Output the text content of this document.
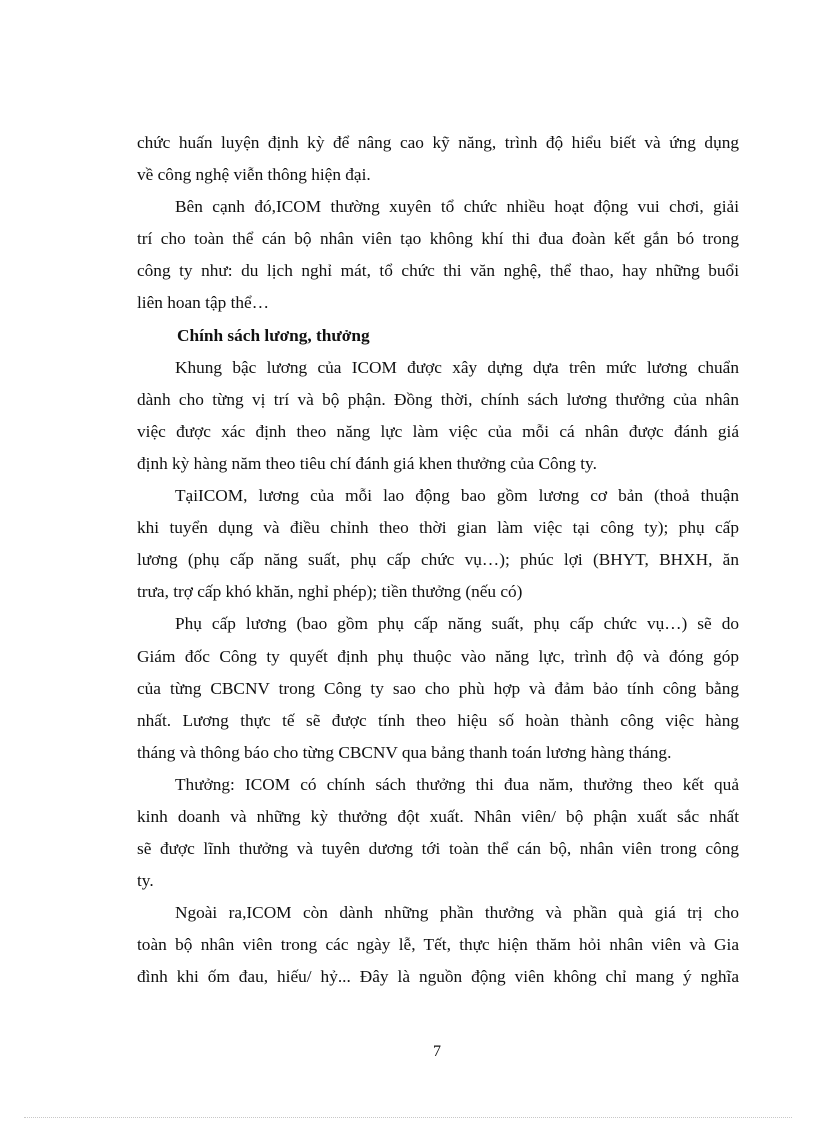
chức huấn luyện định kỳ để nâng cao kỹ năng, trình độ hiểu biết và ứng dụng
về công nghệ viễn thông hiện đại.

Bên cạnh đó,ICOM thường xuyên tổ chức nhiều hoạt động vui chơi, giải
trí cho toàn thể cán bộ nhân viên tạo không khí thi đua đoàn kết gắn bó trong
công ty như: du lịch nghỉ mát, tổ chức thi văn nghệ, thể thao, hay những buổi
liên hoan tập thể…

Chính sách lương, thưởng

Khung bậc lương của ICOM được xây dựng dựa trên mức lương chuẩn
dành cho từng vị trí và bộ phận. Đồng thời, chính sách lương thưởng của nhân
việc được xác định theo năng lực làm việc của mỗi cá nhân được đánh giá
định kỳ hàng năm theo tiêu chí đánh giá khen thưởng của Công ty.

TạiICOM, lương của mỗi lao động bao gồm lương cơ bản (thoả thuận
khi tuyển dụng và điều chỉnh theo thời gian làm việc tại công ty); phụ cấp
lương (phụ cấp năng suất, phụ cấp chức vụ…); phúc lợi (BHYT, BHXH, ăn
trưa, trợ cấp khó khăn, nghỉ phép); tiền thưởng (nếu có)

Phụ cấp lương (bao gồm phụ cấp năng suất, phụ cấp chức vụ…) sẽ do
Giám đốc Công ty quyết định phụ thuộc vào năng lực, trình độ và đóng góp
của từng CBCNV trong Công ty sao cho phù hợp và đảm bảo tính công bằng
nhất. Lương thực tế sẽ được tính theo hiệu số hoàn thành công việc hàng
tháng và thông báo cho từng CBCNV qua bảng thanh toán lương hàng tháng.

Thưởng: ICOM có chính sách thưởng thi đua năm, thưởng theo kết quả
kinh doanh và những kỳ thưởng đột xuất. Nhân viên/ bộ phận xuất sắc nhất
sẽ được lĩnh thưởng và tuyên dương tới toàn thể cán bộ, nhân viên trong công
ty.

Ngoài ra,ICOM còn dành những phần thưởng và phần quà giá trị cho
toàn bộ nhân viên trong các ngày lễ, Tết, thực hiện thăm hỏi nhân viên và Gia
đình khi ốm đau, hiếu/ hỷ... Đây là nguồn động viên không chỉ mang ý nghĩa

7
